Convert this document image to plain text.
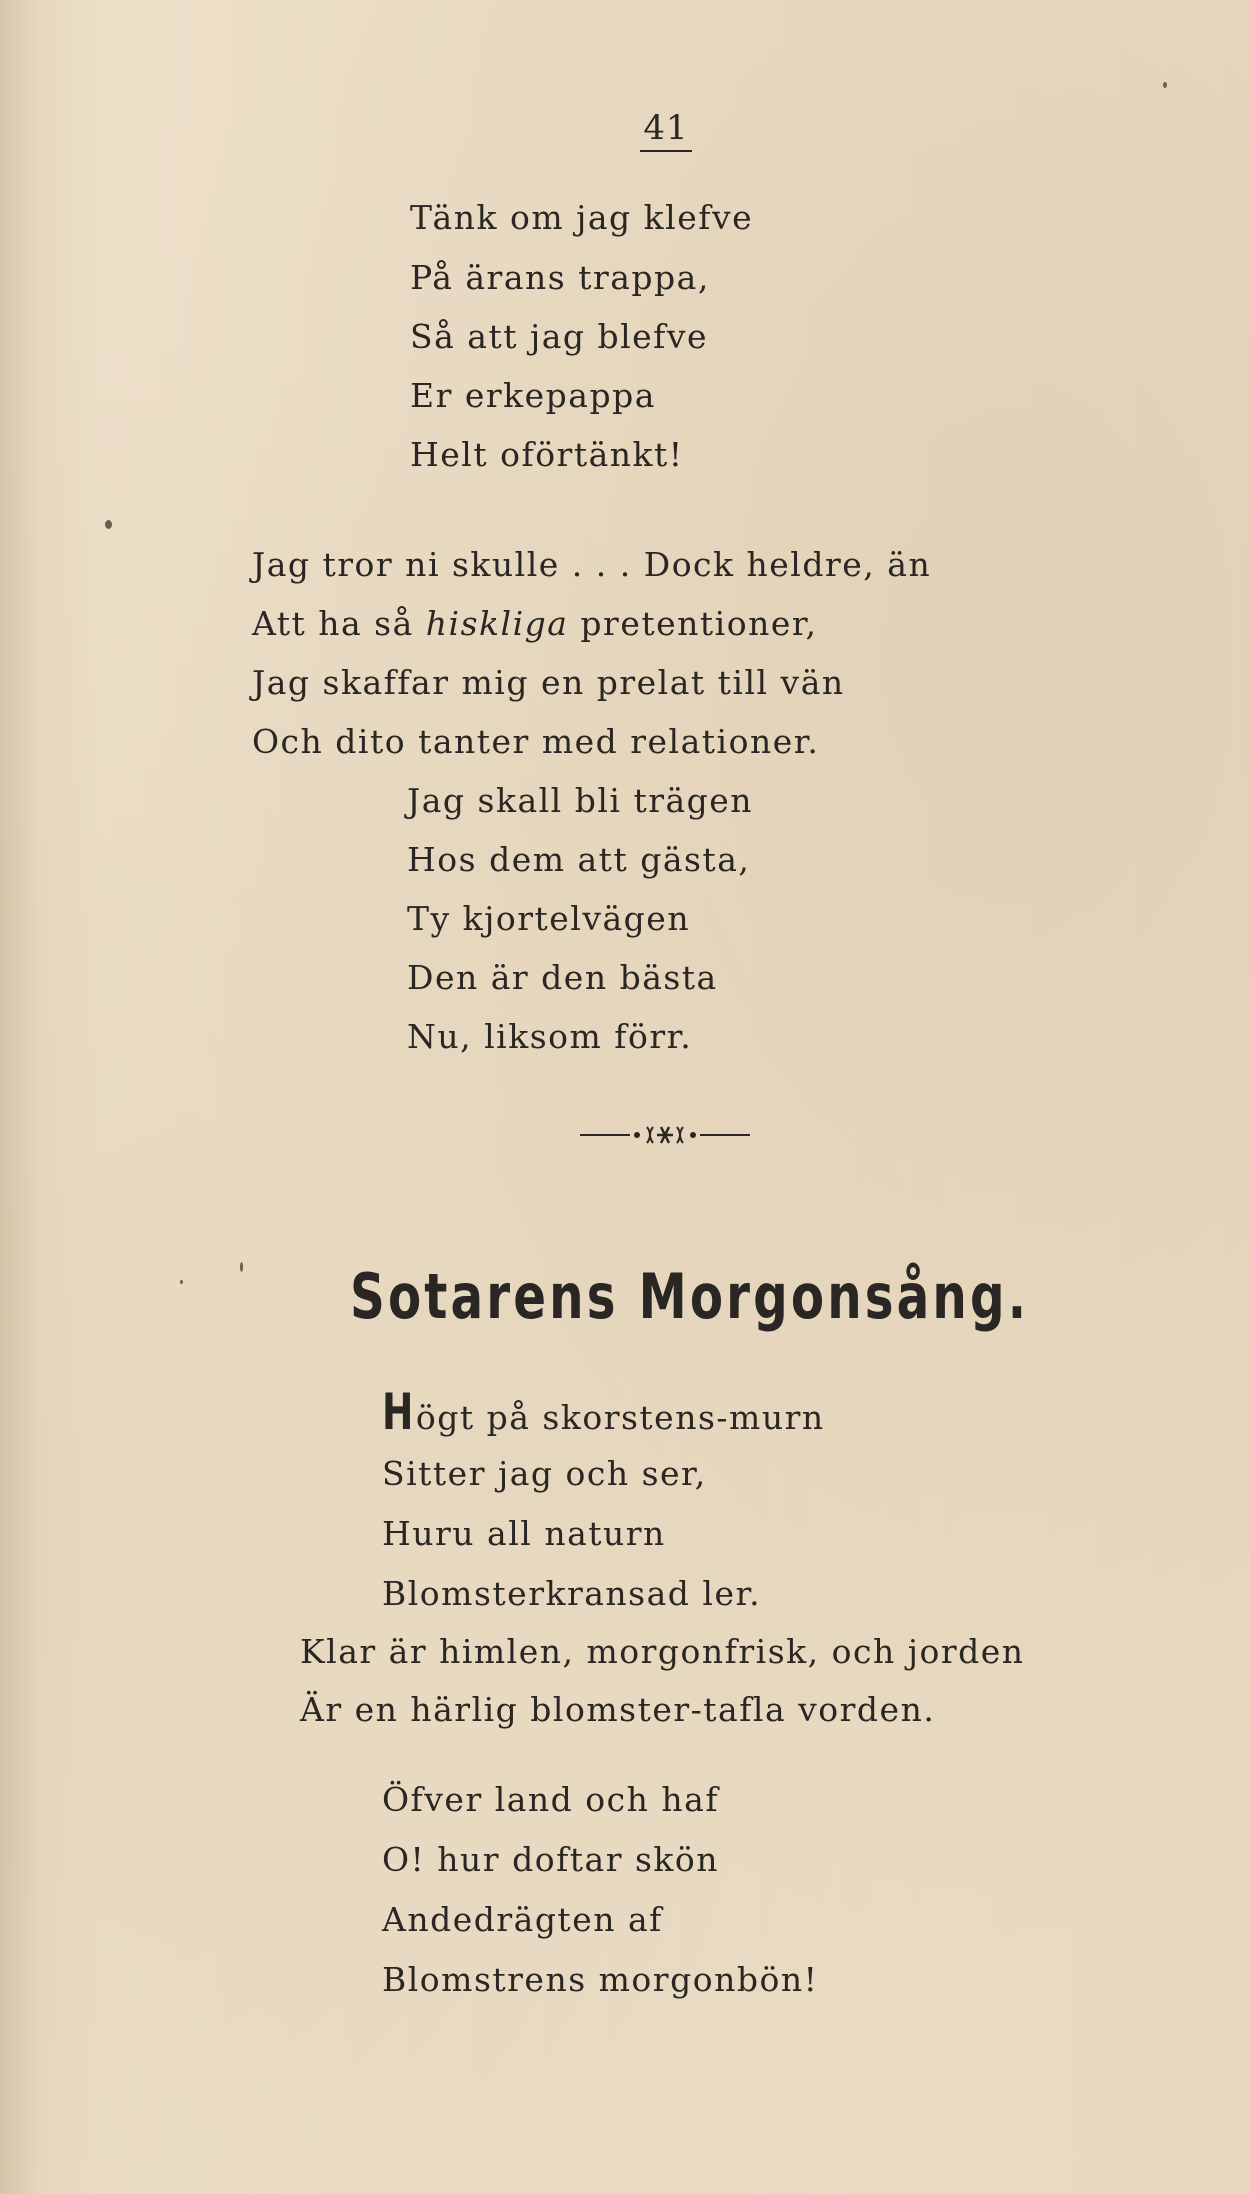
41
Tänk om jag klefve
På ärans trappa,
Så att jag blefve
Er erkepappa
Helt oförtänkt!
Jag tror ni skulle . . . Dock heldre, än
Att ha så hiskliga pretentioner,
Jag skaffar mig en prelat till vän
Och dito tanter med relationer.
Jag skall bli trägen
Hos dem att gästa,
Ty kjortelvägen
Den är den bästa
Nu, liksom förr.
Sotarens Morgonsång.
Högt på skorstens-murn
Sitter jag och ser,
Huru all naturn
Blomsterkransad ler.
Klar är himlen, morgonfrisk, och jorden
Är en härlig blomster-tafla vorden.
Öfver land och haf
O! hur doftar skön
Andedrägten af
Blomstrens morgonbön!
